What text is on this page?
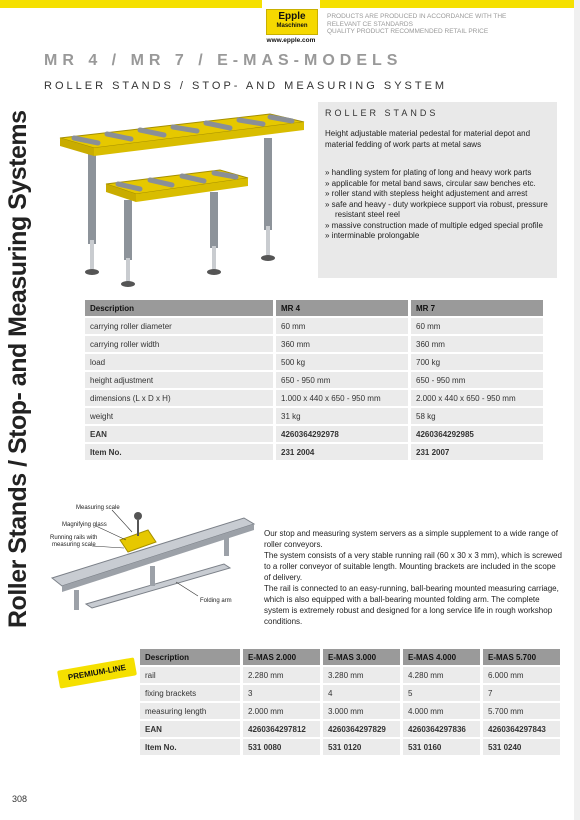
Epple
Maschinen
www.epple.com
PRODUCTS ARE PRODUCED IN ACCORDANCE WITH THE
RELEVANT CE STANDARDS
QUALITY PRODUCT RECOMMENDED RETAIL PRICE
MR 4 / MR 7 / E-MAS-MODELS
ROLLER STANDS / STOP- AND MEASURING SYSTEM
Roller Stands / Stop- and Measuring Systems	ROLLER STANDS
Height adjustable material pedestal for material depot and material fedding of work parts at metal saws
» handling system for plating of long and heavy work parts
» applicable for metal band saws, circular saw benches etc.
» roller stand with stepless height adjustement and arrest
» safe and heavy - duty workpiece support via robust, pressure resistant steel reel
» massive construction made of multiple edged special profile
» interminable prolongable
Description	MR 4	MR 7
carrying roller diameter	60 mm	60 mm
carrying roller width	360 mm	360 mm
load	500 kg	700 kg
height adjustment	650 - 950 mm	650 - 950 mm
dimensions (L x D x H)	1.000 x 440 x 650 - 950 mm	2.000 x 440 x 650 - 950 mm
weight	31 kg	58 kg
EAN	4260364292978	4260364292985
Item No.	231 2004	231 2007
Measuring scale
Magnifying glass
Running rails with
measuring scale
Folding arm
Our stop and measuring system servers as a simple supplement to a wide range of roller conveyors.
The system consists of a very stable running rail (60 x 30 x 3 mm), which is screwed to a roller conveyor of suitable length. Mounting brackets are included in the scope of delivery.
The rail is connected to an easy-running, ball-bearing mounted measuring carriage, which is also equipped with a ball-bearing mounted folding arm. The complete system is extremely robust and designed for a long service life in rough workshop conditions.
PREMIUM-LINE
Description	E-MAS 2.000	E-MAS 3.000	E-MAS 4.000	E-MAS 5.700
rail	2.280 mm	3.280 mm	4.280 mm	6.000 mm
fixing brackets	3	4	5	7
measuring length	2.000 mm	3.000 mm	4.000 mm	5.700 mm
EAN	4260364297812	4260364297829	4260364297836	4260364297843
Item No.	531 0080	531 0120	531 0160	531 0240
308
